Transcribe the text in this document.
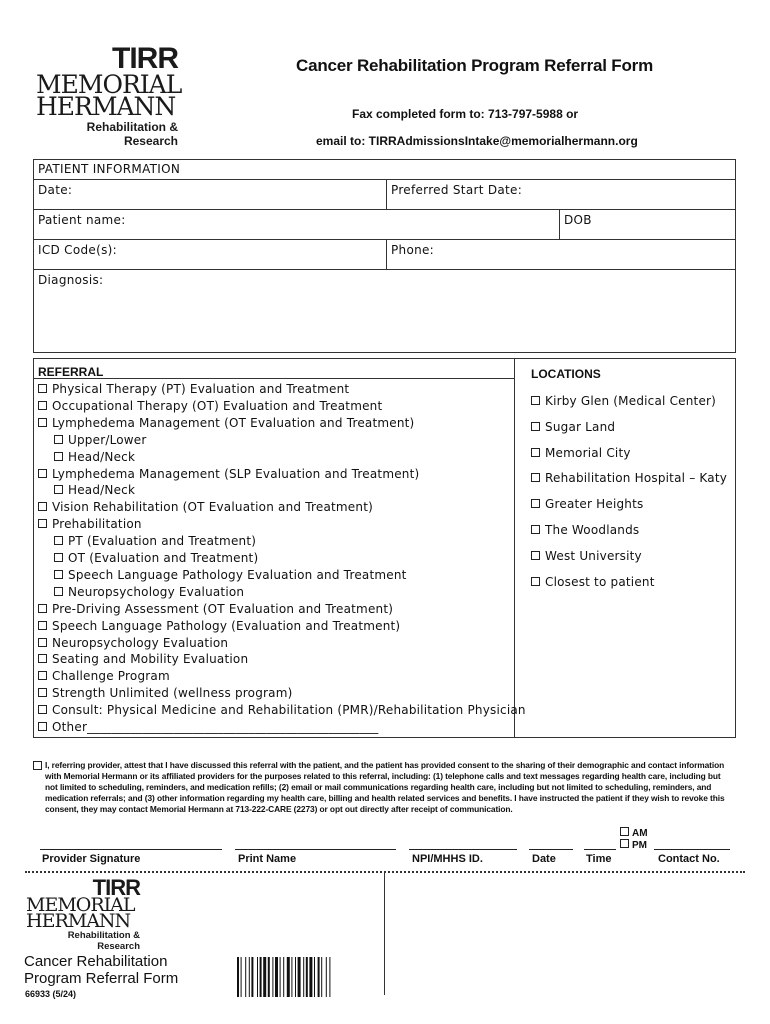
TIRR
MEMORIAL
HERMANN
Rehabilitation &
Research
Cancer Rehabilitation Program Referral Form
Fax completed form to: 713-797-5988 or
email to: TIRRAdmissionsIntake@memorialhermann.org
PATIENT INFORMATION
Date:	Preferred Start Date:
Patient name:	DOB
ICD Code(s):	Phone:
Diagnosis:
REFERRAL	LOCATIONS
Physical Therapy (PT) Evaluation and Treatment
Occupational Therapy (OT) Evaluation and Treatment
Lymphedema Management (OT Evaluation and Treatment)
Upper/Lower
Head/Neck
Lymphedema Management (SLP Evaluation and Treatment)
Head/Neck
Vision Rehabilitation (OT Evaluation and Treatment)
Prehabilitation
PT (Evaluation and Treatment)
OT (Evaluation and Treatment)
Speech Language Pathology Evaluation and Treatment
Neuropsychology Evaluation
Pre-Driving Assessment (OT Evaluation and Treatment)
Speech Language Pathology (Evaluation and Treatment)
Neuropsychology Evaluation
Seating and Mobility Evaluation
Challenge Program
Strength Unlimited (wellness program)
Consult: Physical Medicine and Rehabilitation (PMR)/Rehabilitation Physician
Other_______________________________________________
Kirby Glen (Medical Center)
Sugar Land
Memorial City
Rehabilitation Hospital – Katy
Greater Heights
The Woodlands
West University
Closest to patient
I, referring provider, attest that I have discussed this referral with the patient, and the patient has provided consent to the sharing of their demographic and contact information with Memorial Hermann or its affiliated providers for the purposes related to this referral, including: (1) telephone calls and text messages regarding health care, including but not limited to scheduling, reminders, and medication refills; (2) email or mail communications regarding health care, including but not limited to scheduling, reminders, and medication referrals; and (3) other information regarding my health care, billing and health related services and benefits. I have instructed the patient if they wish to revoke this consent, they may contact Memorial Hermann at 713-222-CARE (2273) or opt out directly after receipt of communication.
AM
PM
Provider Signature	Print Name	NPI/MHHS ID.	Date	Time	Contact No.
TIRR
MEMORIAL
HERMANN
Rehabilitation &
Research
Cancer Rehabilitation
Program Referral Form
66933 (5/24)
